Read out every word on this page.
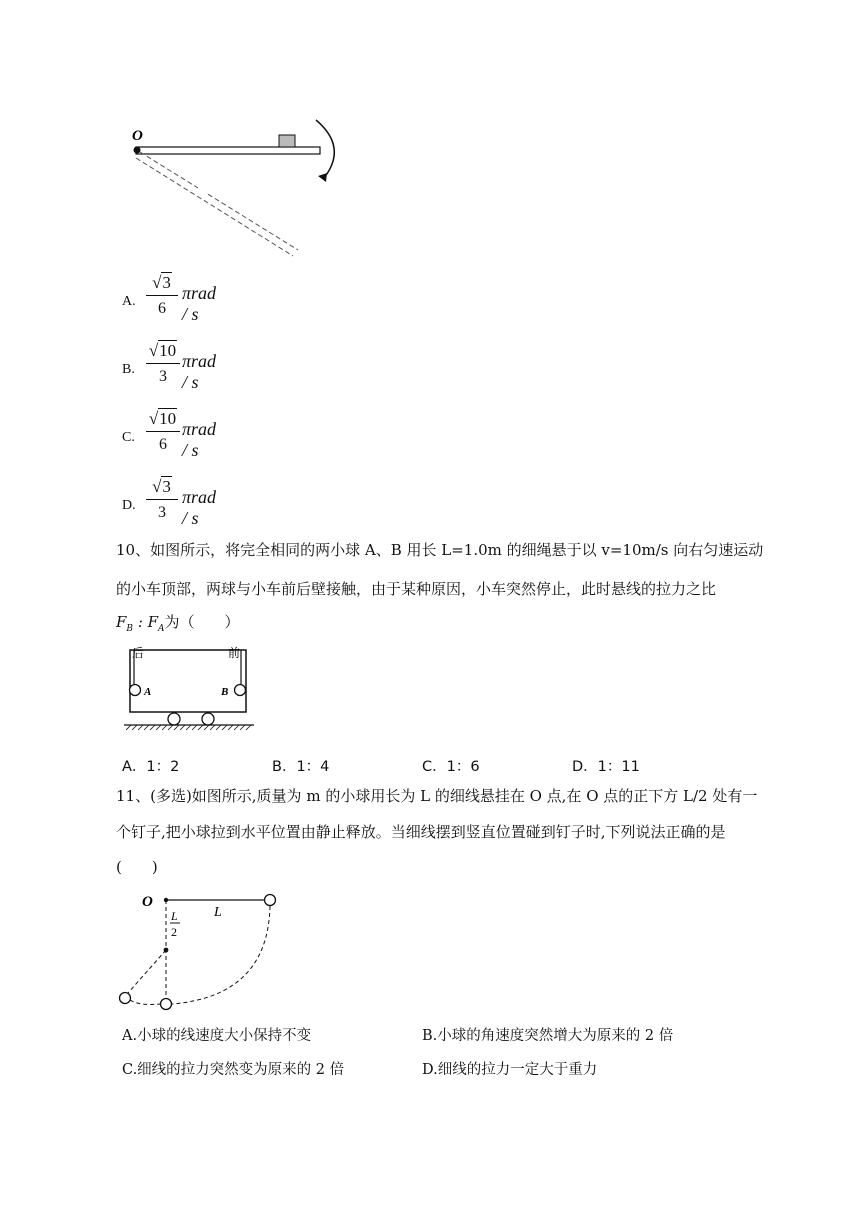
O
A.
√3
6
πrad / s
B.
√10
3
πrad / s
C.
√10
6
πrad / s
D.
√3
3
πrad / s
10、如图所示，将完全相同的两小球 A、B 用长 L=1.0m 的细绳悬于以 v=10m/s 向右匀速运动
的小车顶部，两球与小车前后壁接触，由于某种原因，小车突然停止，此时悬线的拉力之比
$F_B$ : $F_A$为（　　）
后	前
A	B
A．1：2	B．1：4	C．1：6	D．1：11
11、(多选)如图所示,质量为 m 的小球用长为 L 的细线悬挂在 O 点,在 O 点的正下方 L/2 处有一
个钉子,把小球拉到水平位置由静止释放。当细线摆到竖直位置碰到钉子时,下列说法正确的是
(　　)
O
L
L
2
A.小球的线速度大小保持不变	B.小球的角速度突然增大为原来的 2 倍
C.细线的拉力突然变为原来的 2 倍	D.细线的拉力一定大于重力
